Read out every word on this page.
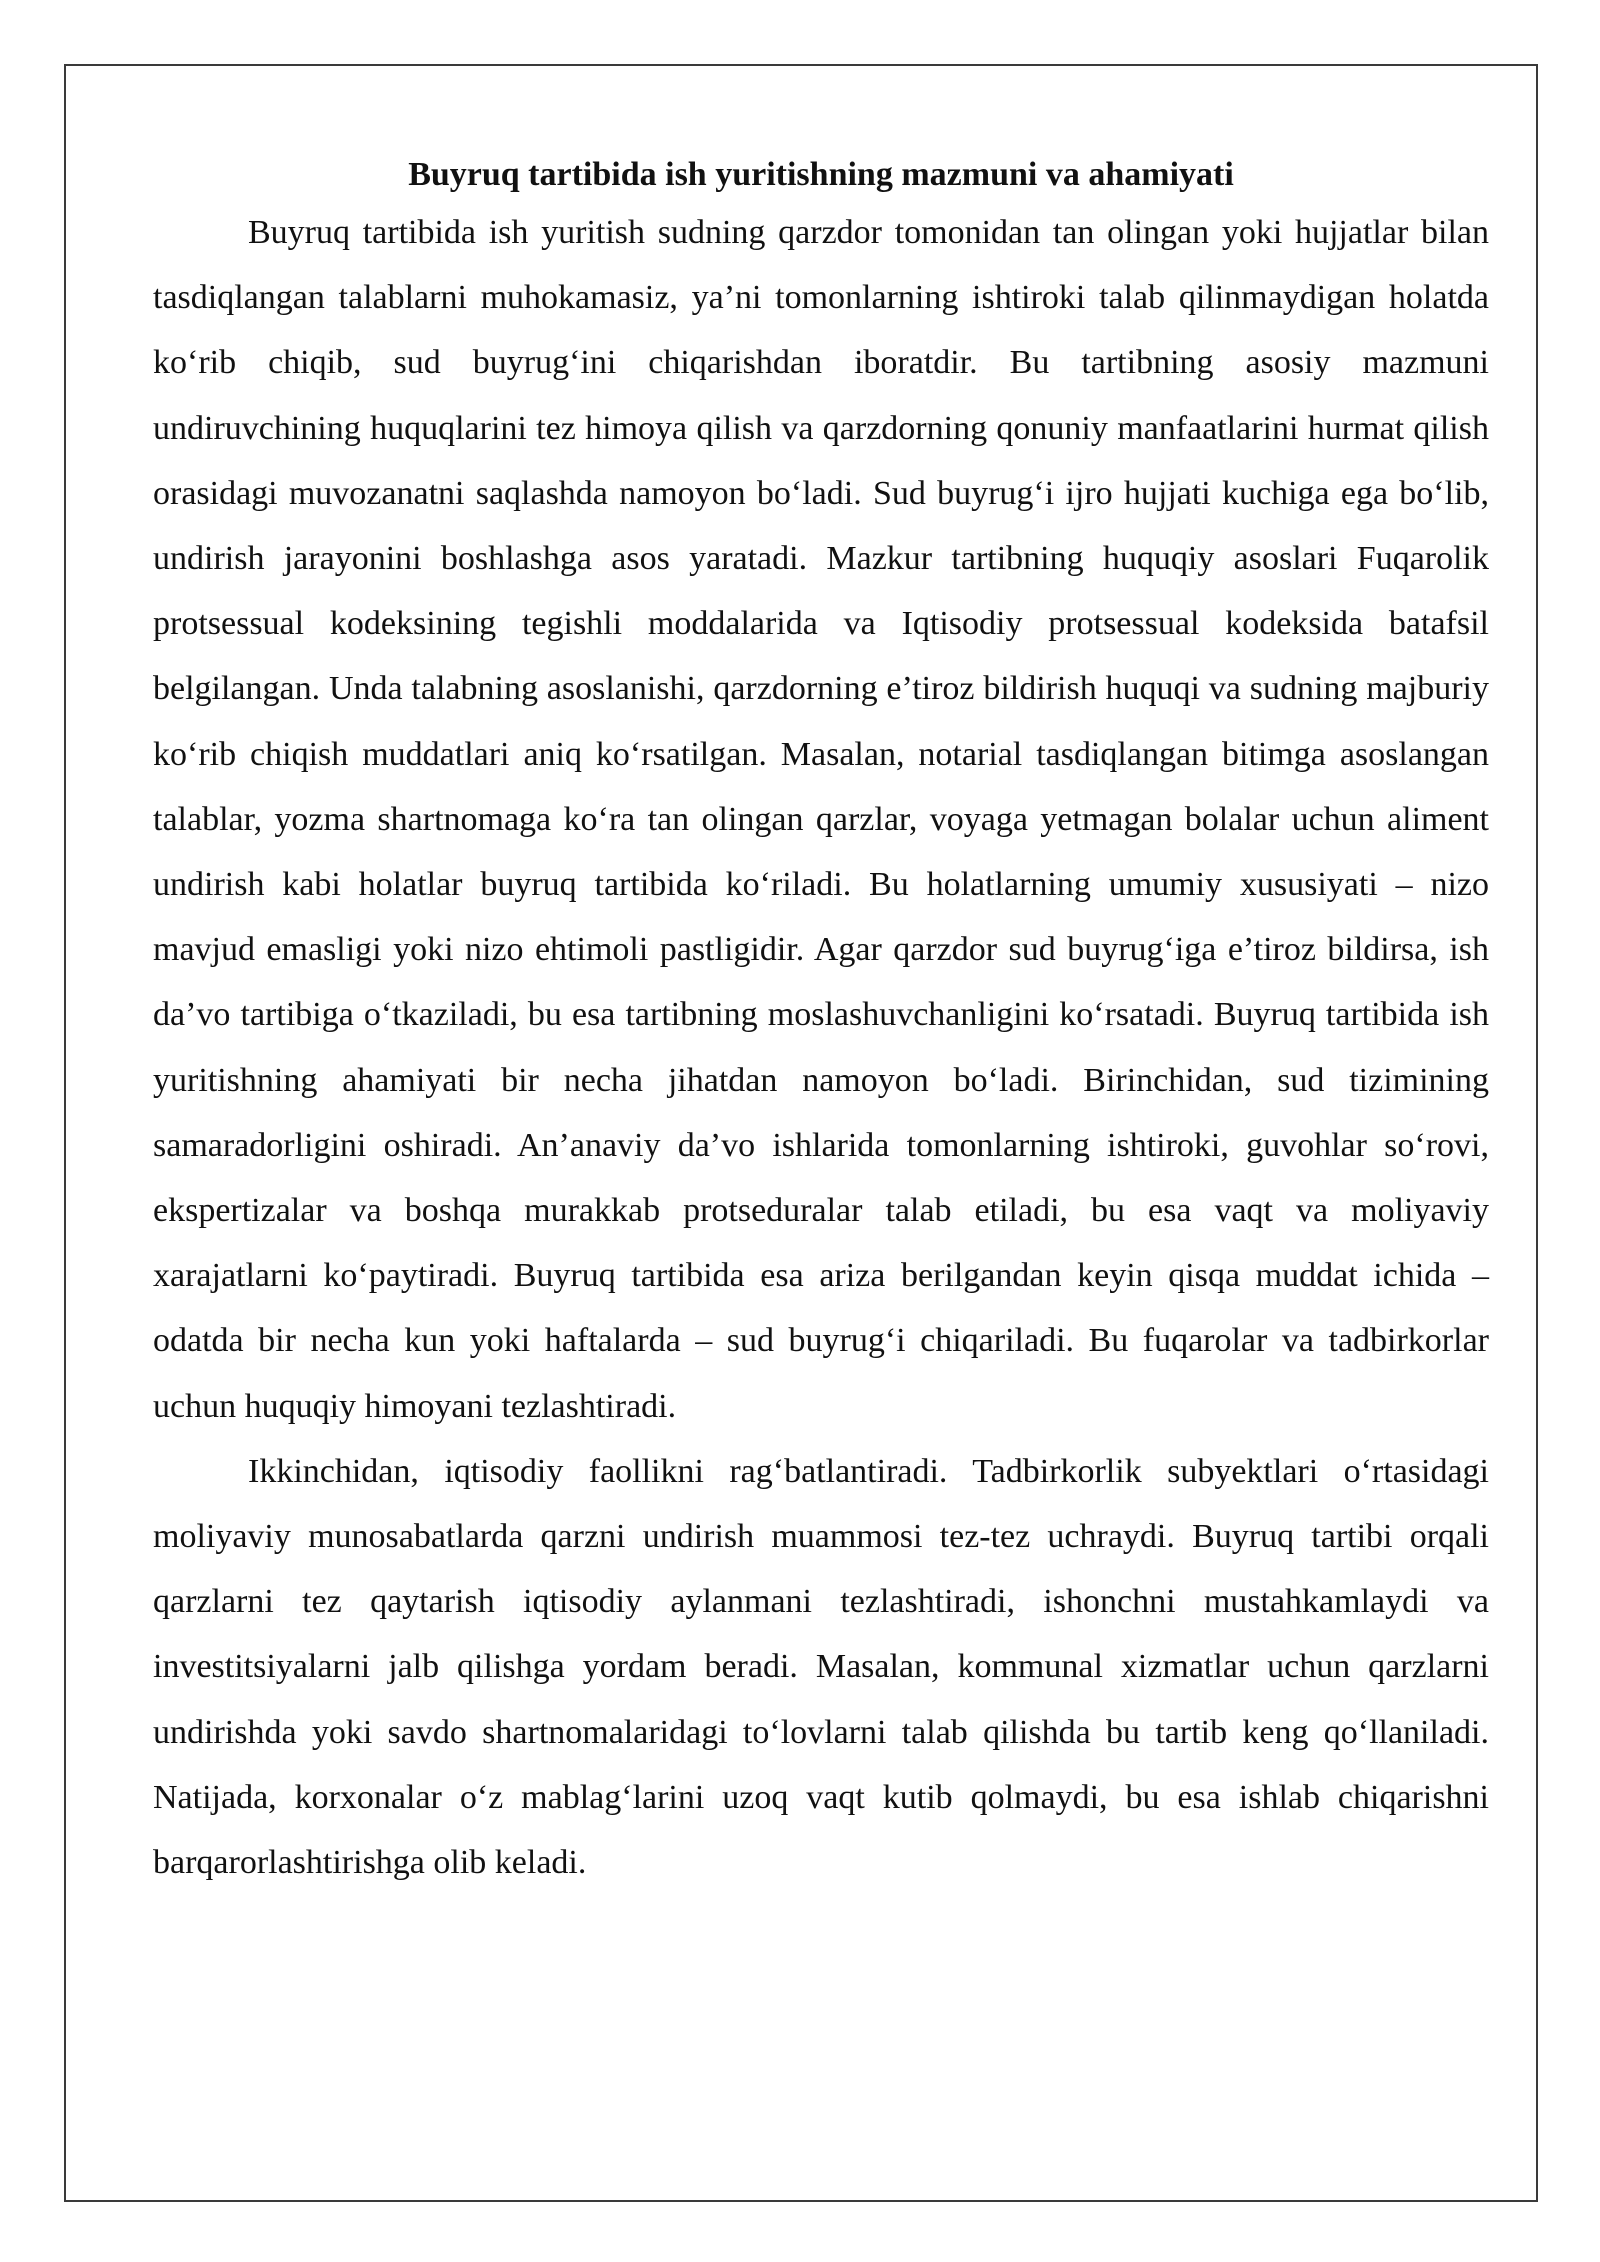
Buyruq tartibida ish yuritishning mazmuni va ahamiyati

Buyruq tartibida ish yuritish sudning qarzdor tomonidan tan olingan yoki hujjatlar bilan tasdiqlangan talablarni muhokamasiz, ya’ni tomonlarning ishtiroki talab qilinmaydigan holatda ko‘rib chiqib, sud buyrug‘ini chiqarishdan iboratdir. Bu tartibning asosiy mazmuni undiruvchining huquqlarini tez himoya qilish va qarzdorning qonuniy manfaatlarini hurmat qilish orasidagi muvozanatni saqlashda namoyon bo‘ladi. Sud buyrug‘i ijro hujjati kuchiga ega bo‘lib, undirish jarayonini boshlashga asos yaratadi. Mazkur tartibning huquqiy asoslari Fuqarolik protsessual kodeksining tegishli moddalarida va Iqtisodiy protsessual kodeksida batafsil belgilangan. Unda talabning asoslanishi, qarzdorning e’tiroz bildirish huquqi va sudning majburiy ko‘rib chiqish muddatlari aniq ko‘rsatilgan. Masalan, notarial tasdiqlangan bitimga asoslangan talablar, yozma shartnomaga ko‘ra tan olingan qarzlar, voyaga yetmagan bolalar uchun aliment undirish kabi holatlar buyruq tartibida ko‘riladi. Bu holatlarning umumiy xususiyati – nizo mavjud emasligi yoki nizo ehtimoli pastligidir. Agar qarzdor sud buyrug‘iga e’tiroz bildirsa, ish da’vo tartibiga o‘tkaziladi, bu esa tartibning moslashuvchanligini ko‘rsatadi. Buyruq tartibida ish yuritishning ahamiyati bir necha jihatdan namoyon bo‘ladi. Birinchidan, sud tizimining samaradorligini oshiradi. An’anaviy da’vo ishlarida tomonlarning ishtiroki, guvohlar so‘rovi, ekspertizalar va boshqa murakkab protseduralar talab etiladi, bu esa vaqt va moliyaviy xarajatlarni ko‘paytiradi. Buyruq tartibida esa ariza berilgandan keyin qisqa muddat ichida – odatda bir necha kun yoki haftalarda – sud buyrug‘i chiqariladi. Bu fuqarolar va tadbirkorlar uchun huquqiy himoyani tezlashtiradi.

Ikkinchidan, iqtisodiy faollikni rag‘batlantiradi. Tadbirkorlik subyektlari o‘rtasidagi moliyaviy munosabatlarda qarzni undirish muammosi tez-tez uchraydi. Buyruq tartibi orqali qarzlarni tez qaytarish iqtisodiy aylanmani tezlashtiradi, ishonchni mustahkamlaydi va investitsiyalarni jalb qilishga yordam beradi. Masalan, kommunal xizmatlar uchun qarzlarni undirishda yoki savdo shartnomalaridagi to‘lovlarni talab qilishda bu tartib keng qo‘llaniladi. Natijada, korxonalar o‘z mablag‘larini uzoq vaqt kutib qolmaydi, bu esa ishlab chiqarishni barqarorlashtirishga olib keladi.
